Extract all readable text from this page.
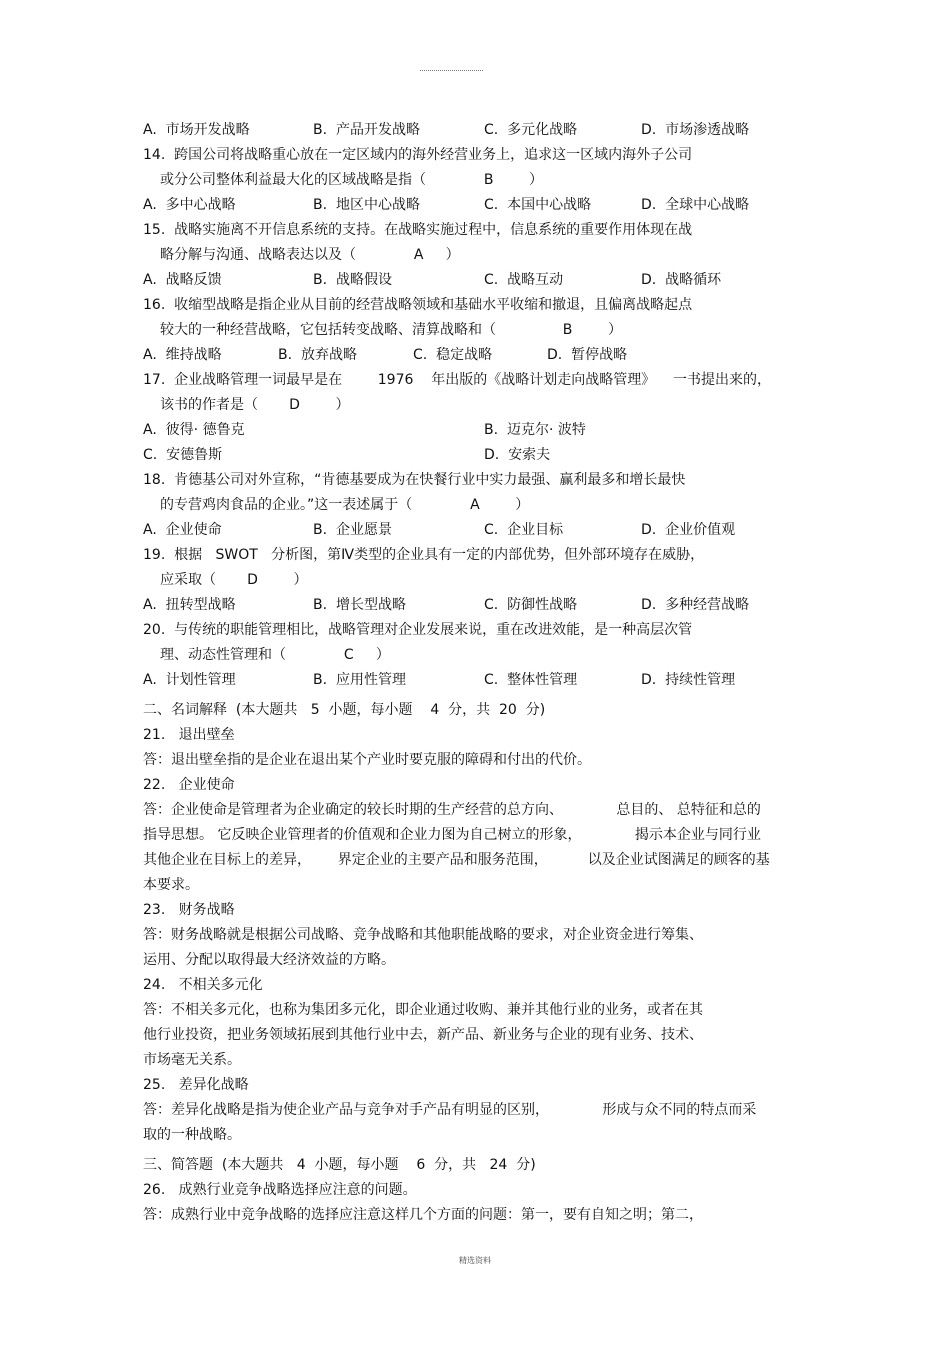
A.  市场开发战略	B.  产品开发战略	C.  多元化战略	D.  市场渗透战略
14.  跨国公司将战略重心放在一定区域内的海外经营业务上，追求这一区域内海外子公司
或分公司整体利益最大化的区域战略是指（             B        ）
A.  多中心战略	B.  地区中心战略	C.  本国中心战略	D.  全球中心战略
15.  战略实施离不开信息系统的支持。在战略实施过程中，信息系统的重要作用体现在战
略分解与沟通、战略表达以及（             A     ）
A.  战略反馈	B.  战略假设	C.  战略互动	D.  战略循环
16.  收缩型战略是指企业从目前的经营战略领域和基础水平收缩和撤退，且偏离战略起点
较大的一种经营战略，它包括转变战略、清算战略和（               B        ）
A.  维持战略	B.  放弃战略	C.  稳定战略	D.  暂停战略
17.  企业战略管理一词最早是在        1976    年出版的《战略计划走向战略管理》    一书提出来的，
该书的作者是（       D        ）
A.  彼得· 德鲁克	B.  迈克尔· 波特
C.  安德鲁斯	D.  安索夫
18.  肯德基公司对外宣称，“肯德基要成为在快餐行业中实力最强、赢利最多和增长最快
的专营鸡肉食品的企业。”这一表述属于（             A        ）
A.  企业使命	B.  企业愿景	C.  企业目标	D.  企业价值观
19.  根据   SWOT   分析图，第Ⅳ类型的企业具有一定的内部优势，但外部环境存在威胁，
应采取（       D        ）
A.  扭转型战略	B.  增长型战略	C.  防御性战略	D.  多种经营战略
20.  与传统的职能管理相比，战略管理对企业发展来说，重在改进效能，是一种高层次管
理、动态性管理和（             C     ）
A.  计划性管理	B.  应用性管理	C.  整体性管理	D.  持续性管理
二、名词解释  (本大题共   5  小题，每小题    4  分，共  20  分)
21.   退出壁垒
答：退出壁垒指的是企业在退出某个产业时要克服的障碍和付出的代价。
22.   企业使命
答：企业使命是管理者为企业确定的较长时期的生产经营的总方向、            总目的、 总特征和总的
指导思想。 它反映企业管理者的价值观和企业力图为自己树立的形象，            揭示本企业与同行业
其他企业在目标上的差异，      界定企业的主要产品和服务范围，         以及企业试图满足的顾客的基
本要求。
23.   财务战略
答：财务战略就是根据公司战略、竞争战略和其他职能战略的要求，对企业资金进行筹集、
运用、分配以取得最大经济效益的方略。
24.   不相关多元化
答：不相关多元化，也称为集团多元化，即企业通过收购、兼并其他行业的业务，或者在其
他行业投资，把业务领域拓展到其他行业中去，新产品、新业务与企业的现有业务、技术、
市场毫无关系。
25.   差异化战略
答：差异化战略是指为使企业产品与竞争对手产品有明显的区别，            形成与众不同的特点而采
取的一种战略。
三、简答题  (本大题共   4  小题，每小题    6  分，共   24  分)
26.   成熟行业竞争战略选择应注意的问题。
答：成熟行业中竞争战略的选择应注意这样几个方面的问题：第一，要有自知之明；第二，
精选资料
